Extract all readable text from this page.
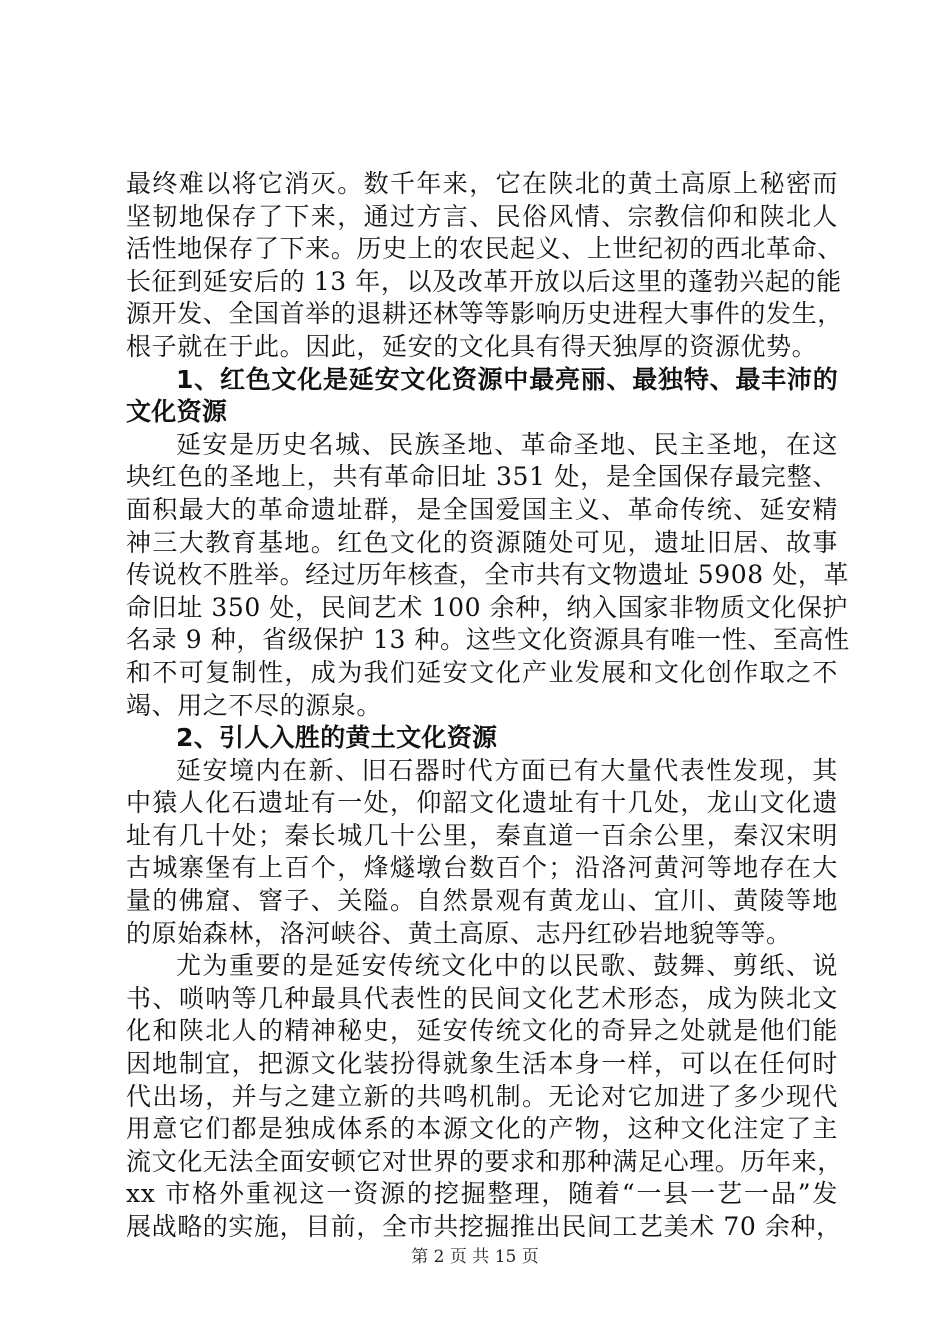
最终难以将它消灭。数千年来，它在陕北的黄土高原上秘密而
坚韧地保存了下来，通过方言、民俗风情、宗教信仰和陕北人
活性地保存了下来。历史上的农民起义、上世纪初的西北革命、
长征到延安后的 13 年，以及改革开放以后这里的蓬勃兴起的能
源开发、全国首举的退耕还林等等影响历史进程大事件的发生，
根子就在于此。因此，延安的文化具有得天独厚的资源优势。
1、红色文化是延安文化资源中最亮丽、最独特、最丰沛的
文化资源
延安是历史名城、民族圣地、革命圣地、民主圣地，在这
块红色的圣地上，共有革命旧址 351 处，是全国保存最完整、
面积最大的革命遗址群，是全国爱国主义、革命传统、延安精
神三大教育基地。红色文化的资源随处可见，遗址旧居、故事
传说枚不胜举。经过历年核查，全市共有文物遗址 5908 处，革
命旧址 350 处，民间艺术 100 余种，纳入国家非物质文化保护
名录 9 种，省级保护 13 种。这些文化资源具有唯一性、至高性
和不可复制性，成为我们延安文化产业发展和文化创作取之不
竭、用之不尽的源泉。
2、引人入胜的黄土文化资源
延安境内在新、旧石器时代方面已有大量代表性发现，其
中猿人化石遗址有一处，仰韶文化遗址有十几处，龙山文化遗
址有几十处；秦长城几十公里，秦直道一百余公里，秦汉宋明
古城寨堡有上百个，烽燧墩台数百个；沿洛河黄河等地存在大
量的佛窟、窨子、关隘。自然景观有黄龙山、宜川、黄陵等地
的原始森林，洛河峡谷、黄土高原、志丹红砂岩地貌等等。
尤为重要的是延安传统文化中的以民歌、鼓舞、剪纸、说
书、唢呐等几种最具代表性的民间文化艺术形态，成为陕北文
化和陕北人的精神秘史，延安传统文化的奇异之处就是他们能
因地制宜，把源文化装扮得就象生活本身一样，可以在任何时
代出场，并与之建立新的共鸣机制。无论对它加进了多少现代
用意它们都是独成体系的本源文化的产物，这种文化注定了主
流文化无法全面安顿它对世界的要求和那种满足心理。历年来，
xx 市格外重视这一资源的挖掘整理，随着“一县一艺一品”发
展战略的实施，目前，全市共挖掘推出民间工艺美术 70 余种，
第 2 页 共 15 页
